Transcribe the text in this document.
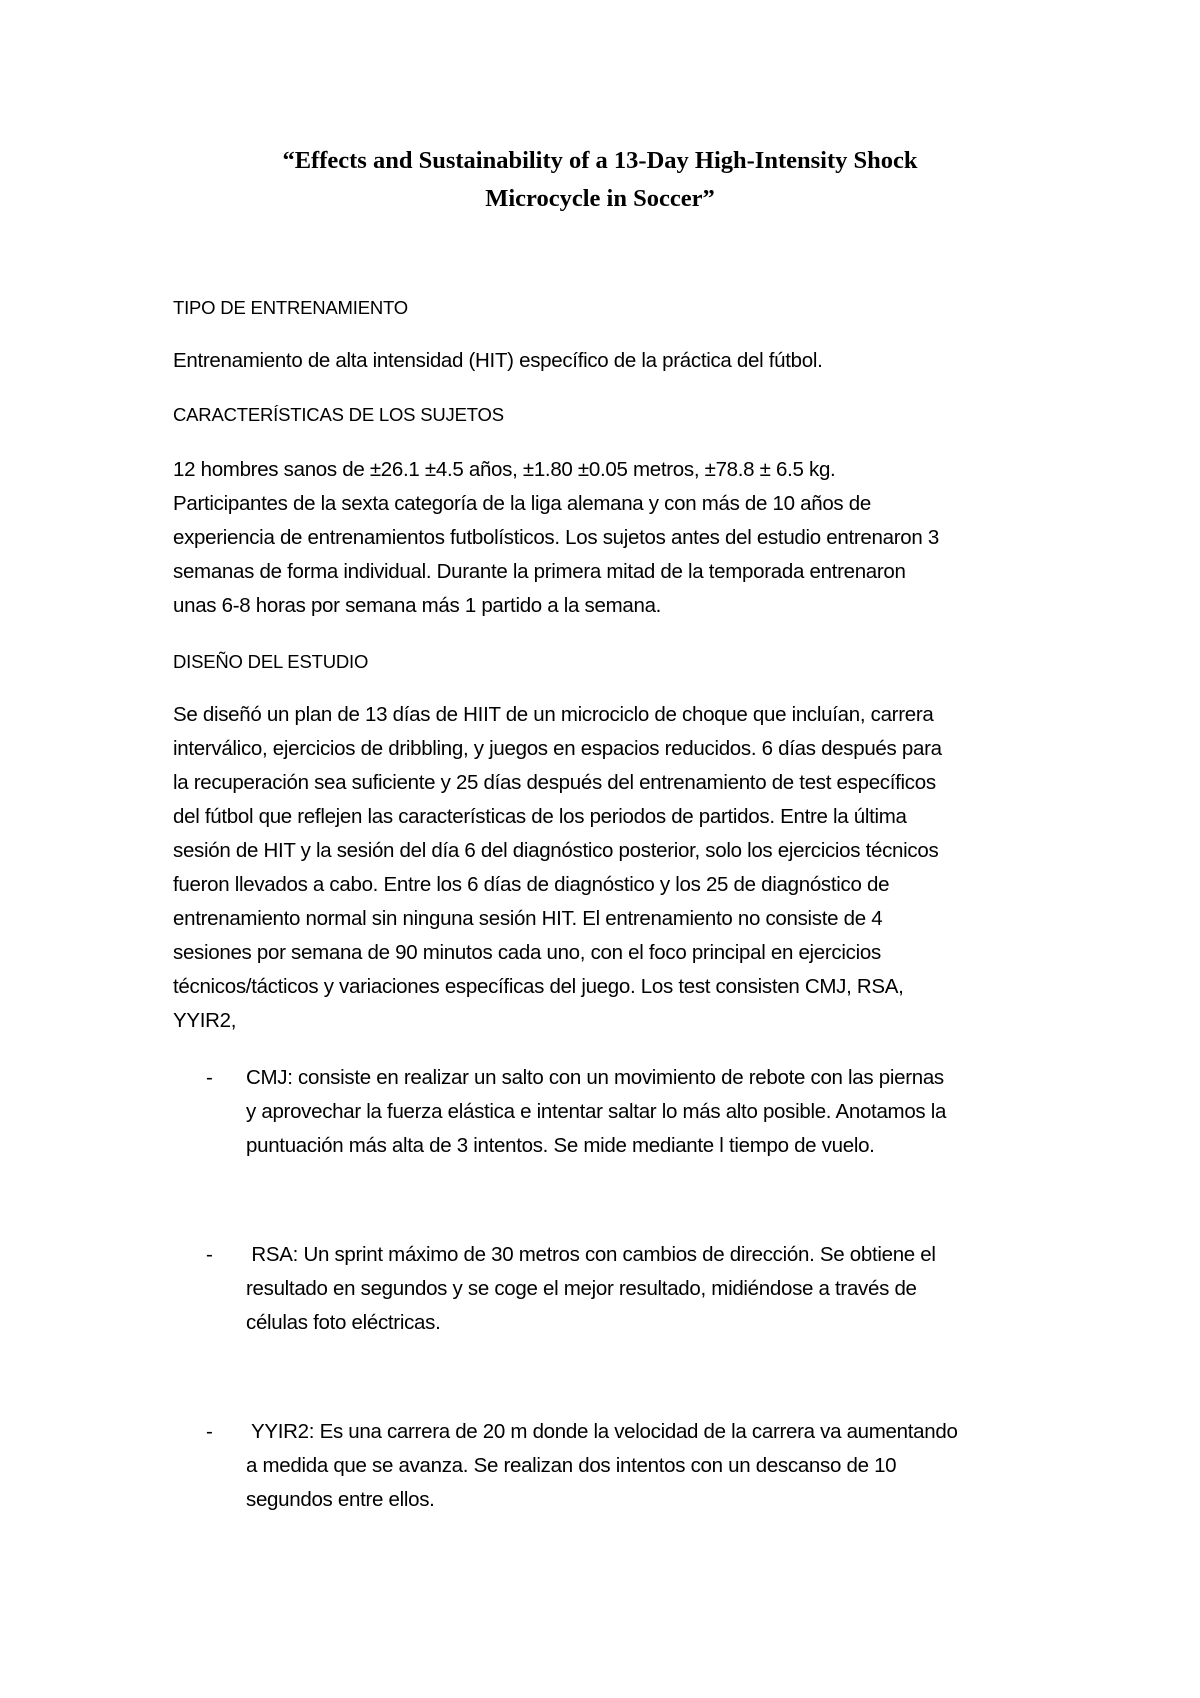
“Effects and Sustainability of a 13-Day High-Intensity Shock
Microcycle in Soccer”
TIPO DE ENTRENAMIENTO
Entrenamiento de alta intensidad (HIT) específico de la práctica del fútbol.
CARACTERÍSTICAS DE LOS SUJETOS
12 hombres sanos de ±26.1 ±4.5 años, ±1.80 ±0.05 metros, ±78.8 ± 6.5 kg.
Participantes de la sexta categoría de la liga alemana y con más de 10 años de
experiencia de entrenamientos futbolísticos. Los sujetos antes del estudio entrenaron 3
semanas de forma individual. Durante la primera mitad de la temporada entrenaron
unas 6-8 horas por semana más 1 partido a la semana.
DISEÑO DEL ESTUDIO
Se diseñó un plan de 13 días de HIIT de un microciclo de choque que incluían, carrera
interválico, ejercicios de dribbling, y juegos en espacios reducidos. 6 días después para
la recuperación sea suficiente y 25 días después del entrenamiento de test específicos
del fútbol que reflejen las características de los periodos de partidos. Entre la última
sesión de HIT y la sesión del día 6 del diagnóstico posterior, solo los ejercicios técnicos
fueron llevados a cabo. Entre los 6 días de diagnóstico y los 25 de diagnóstico de
entrenamiento normal sin ninguna sesión HIT. El entrenamiento no consiste de 4
sesiones por semana de 90 minutos cada uno, con el foco principal en ejercicios
técnicos/tácticos y variaciones específicas del juego. Los test consisten CMJ, RSA,
YYIR2,
- CMJ: consiste en realizar un salto con un movimiento de rebote con las piernas
y aprovechar la fuerza elástica e intentar saltar lo más alto posible. Anotamos la
puntuación más alta de 3 intentos. Se mide mediante l tiempo de vuelo.
- RSA: Un sprint máximo de 30 metros con cambios de dirección. Se obtiene el
resultado en segundos y se coge el mejor resultado, midiéndose a través de
células foto eléctricas.
- YYIR2: Es una carrera de 20 m donde la velocidad de la carrera va aumentando
a medida que se avanza. Se realizan dos intentos con un descanso de 10
segundos entre ellos.
